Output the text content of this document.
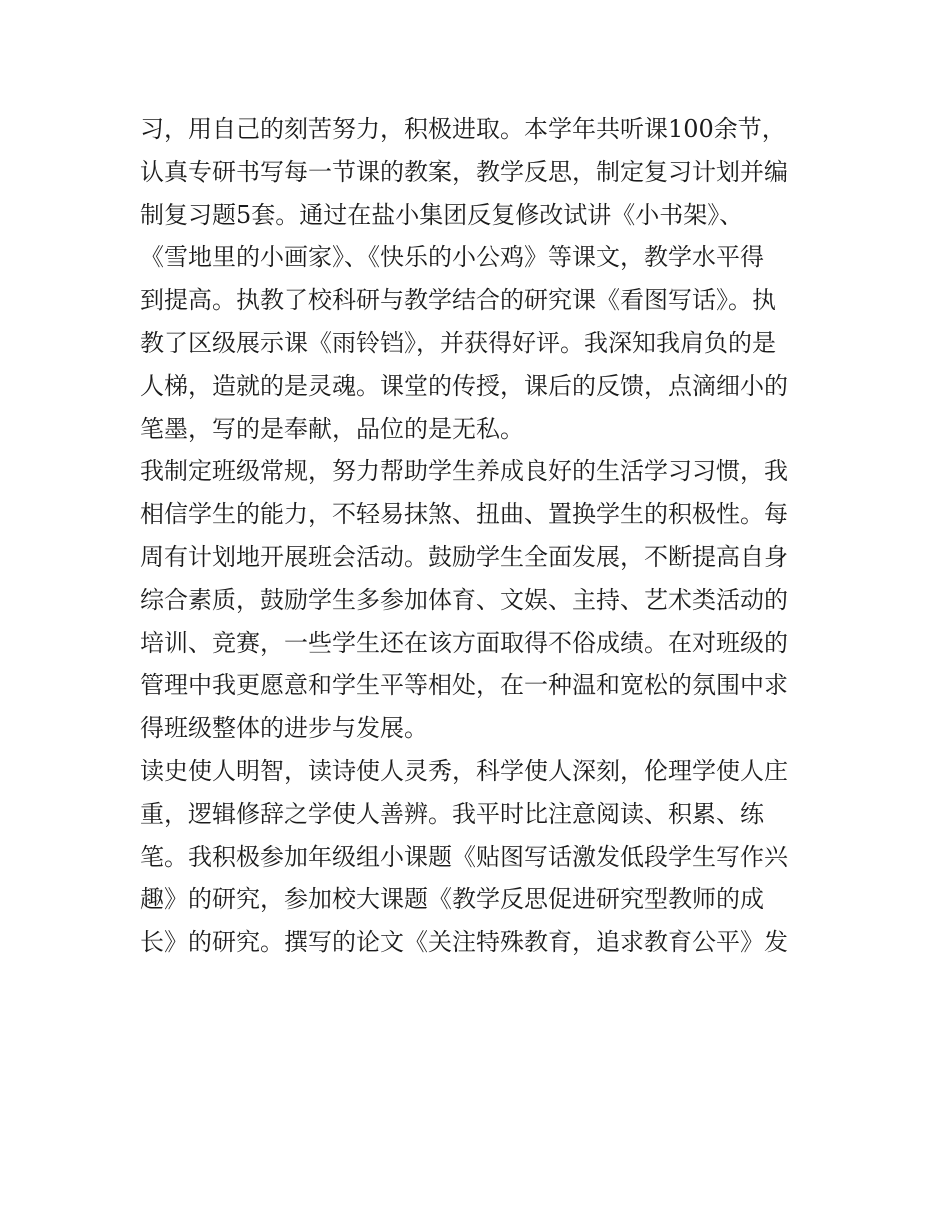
习，用自己的刻苦努力，积极进取。本学年共听课100余节，
认真专研书写每一节课的教案，教学反思，制定复习计划并编
制复习题5套。通过在盐小集团反复修改试讲《小书架》、
《雪地里的小画家》、《快乐的小公鸡》等课文，教学水平得
到提高。执教了校科研与教学结合的研究课《看图写话》。执
教了区级展示课《雨铃铛》，并获得好评。我深知我肩负的是
人梯，造就的是灵魂。课堂的传授，课后的反馈，点滴细小的
笔墨，写的是奉献，品位的是无私。
我制定班级常规，努力帮助学生养成良好的生活学习习惯，我
相信学生的能力，不轻易抹煞、扭曲、置换学生的积极性。每
周有计划地开展班会活动。鼓励学生全面发展，不断提高自身
综合素质，鼓励学生多参加体育、文娱、主持、艺术类活动的
培训、竞赛，一些学生还在该方面取得不俗成绩。在对班级的
管理中我更愿意和学生平等相处，在一种温和宽松的氛围中求
得班级整体的进步与发展。
读史使人明智，读诗使人灵秀，科学使人深刻，伦理学使人庄
重，逻辑修辞之学使人善辨。我平时比注意阅读、积累、练
笔。我积极参加年级组小课题《贴图写话激发低段学生写作兴
趣》的研究，参加校大课题《教学反思促进研究型教师的成
长》的研究。撰写的论文《关注特殊教育，追求教育公平》发
